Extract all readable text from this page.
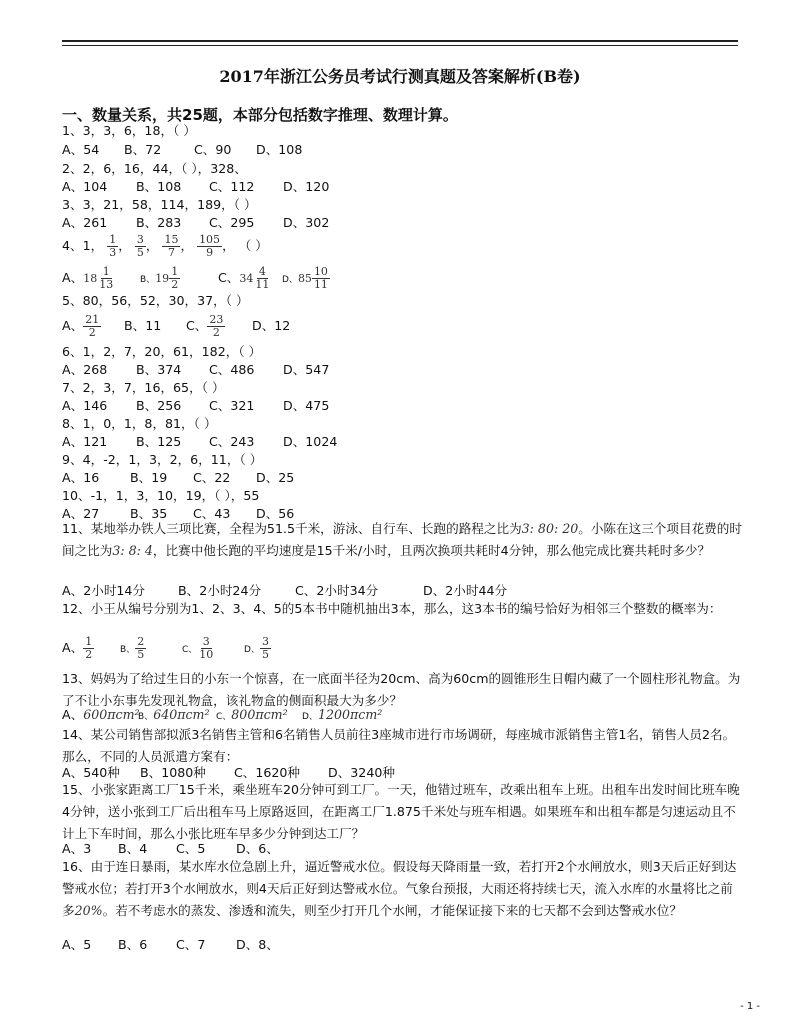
2017年浙江公务员考试行测真题及答案解析(B卷)
一、数量关系，共25题，本部分包括数字推理、数理计算。
1、3，3，6，18，（ ）
A、54 B、72	C、90 D、108
2、2，6，16，44，（ ），328、
A、104 B、108 C、112 D、120
3、3，21，58，114，189，（ ）
A、261 B、283 C、295 D、302
4、1， $\frac{1}{3}$ ， $\frac{3}{5}$ ， $\frac{15}{7}$ ， $\frac{105}{9}$ ， （ ）
A、 $18 \frac{1}{13}$	B、 $19 \frac{1}{2}$	C、 $34 \frac{4}{11}$ D、 $85 \frac{10}{11}$
5、80，56，52，30，37，（ ）
A、 $\frac{21}{2}$ B、11 C、 $\frac{23}{2}$ D、12
6、1，2，7，20，61，182，（ ）
A、268 B、374 C、486 D、547
7、2，3，7，16，65，（ ）
A、146 B、256 C、321 D、475
8、1，0，1，8，81，（ ）
A、121 B、125 C、243 D、1024
9、4，-2，1，3，2，6，11，（ ）
A、16 B、19 C、22 D、25
10、-1，1，3，10，19，（ ），55
A、27 B、35 C、43 D、56
11、某地举办铁人三项比赛，全程为51.5千米，游泳、自行车、长跑的路程之比为3: 80: 20。小陈在这三个项目花费的时间之比为3: 8: 4，比赛中他长跑的平均速度是15千米/小时，且两次换项共耗时4分钟，那么他完成比赛共耗时多少？
A、2小时14分	B、2小时24分	C、2小时34分	D、2小时44分
12、小王从编号分别为1、2、3、4、5的5本书中随机抽出3本，那么，这3本书的编号恰好为相邻三个整数的概率为：
A、 $\frac{1}{2}$	B、 $\frac{2}{5}$	C、 $\frac{3}{10}$	D、 $\frac{3}{5}$
13、妈妈为了给过生日的小东一个惊喜，在一底面半径为20cm、高为60cm的圆锥形生日帽内藏了一个圆柱形礼物盒。为了不让小东事先发现礼物盒，该礼物盒的侧面积最大为多少？
A、600πcm²B、640πcm² C、800πcm² D、1200πcm²
14、某公司销售部拟派3名销售主管和6名销售人员前往3座城市进行市场调研，每座城市派销售主管1名，销售人员2名。那么，不同的人员派遣方案有：
A、540种 B、1080种 C、1620种 D、3240种
15、小张家距离工厂15千米，乘坐班车20分钟可到工厂。一天，他错过班车，改乘出租车上班。出租车出发时间比班车晚4分钟，送小张到工厂后出租车马上原路返回，在距离工厂1.875千米处与班车相遇。如果班车和出租车都是匀速运动且不计上下车时间，那么小张比班车早多少分钟到达工厂？
A、3 B、4 C、5 D、6、
16、由于连日暴雨，某水库水位急剧上升，逼近警戒水位。假设每天降雨量一致，若打开2个水闸放水，则3天后正好到达警戒水位；若打开3个水闸放水，则4天后正好到达警戒水位。气象台预报，大雨还将持续七天，流入水库的水量将比之前多20%。若不考虑水的蒸发、渗透和流失，则至少打开几个水闸，才能保证接下来的七天都不会到达警戒水位？
A、5 B、6 C、7 D、8、
- 1 -
